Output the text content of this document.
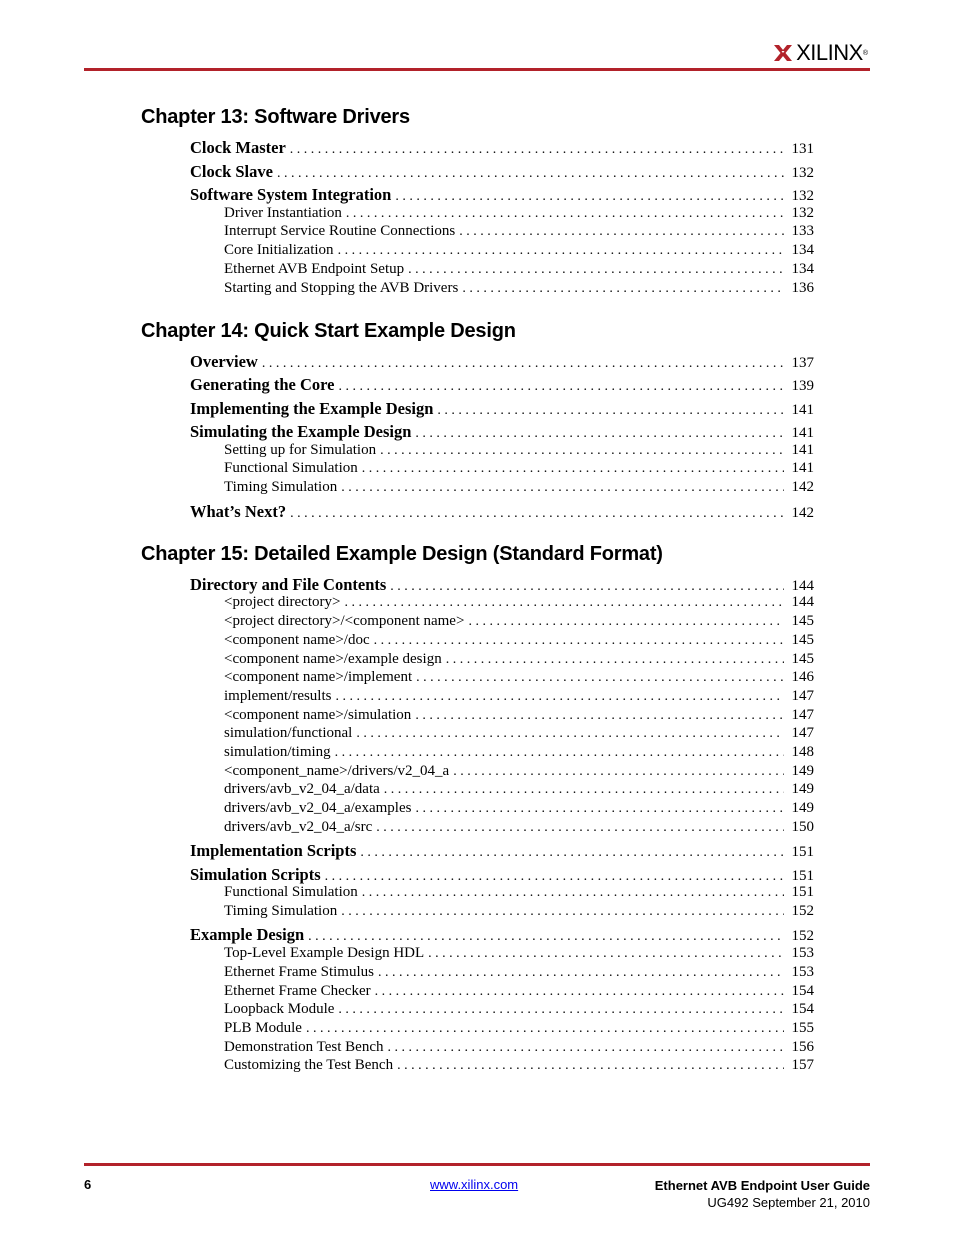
XILINX ®
Chapter 13: Software Drivers
Clock Master . . .	131
Clock Slave . . .	132
Software System Integration . . .	132
Driver Instantiation . . .	132
Interrupt Service Routine Connections . . .	133
Core Initialization . . .	134
Ethernet AVB Endpoint Setup . . .	134
Starting and Stopping the AVB Drivers . . .	136
Chapter 14: Quick Start Example Design
Overview . . .	137
Generating the Core . . .	139
Implementing the Example Design . . .	141
Simulating the Example Design . . .	141
Setting up for Simulation . . .	141
Functional Simulation . . .	141
Timing Simulation . . .	142
What’s Next? . . .	142
Chapter 15: Detailed Example Design (Standard Format)
Directory and File Contents . . .	144
<project directory> . . .	144
<project directory>/<component name> . . .	145
<component name>/doc . . .	145
<component name>/example design . . .	145
<component name>/implement . . .	146
implement/results . . .	147
<component name>/simulation . . .	147
simulation/functional . . .	147
simulation/timing . . .	148
<component_name>/drivers/v2_04_a . . .	149
drivers/avb_v2_04_a/data . . .	149
drivers/avb_v2_04_a/examples . . .	149
drivers/avb_v2_04_a/src . . .	150
Implementation Scripts . . .	151
Simulation Scripts . . .	151
Functional Simulation . . .	151
Timing Simulation . . .	152
Example Design . . .	152
Top-Level Example Design HDL . . .	153
Ethernet Frame Stimulus . . .	153
Ethernet Frame Checker . . .	154
Loopback Module . . .	154
PLB Module . . .	155
Demonstration Test Bench . . .	156
Customizing the Test Bench . . .	157
6	www.xilinx.com	Ethernet AVB Endpoint User Guide
UG492 September 21, 2010
